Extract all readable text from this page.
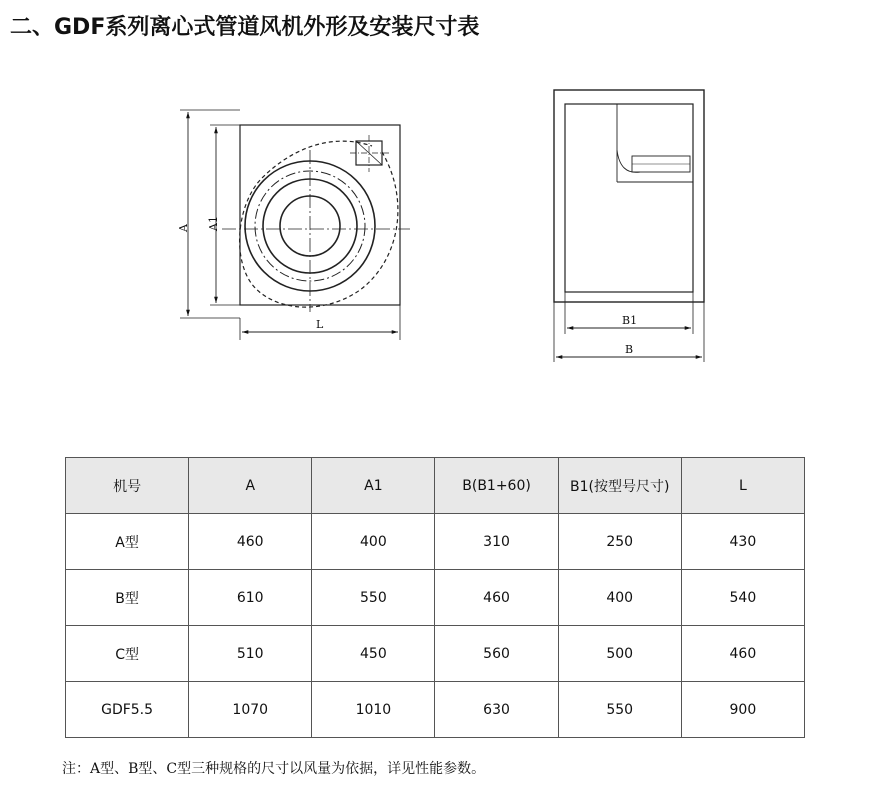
二、GDF系列离心式管道风机外形及安装尺寸表
A A1
L	B1
B
机号	A	A1	B(B1+60)	B1(按型号尺寸)	L
A型	460	400	310	250	430
B型	610	550	460	400	540
C型	510	450	560	500	460
GDF5.5	1070	1010	630	550	900
注：A型、B型、C型三种规格的尺寸以风量为依据，详见性能参数。
